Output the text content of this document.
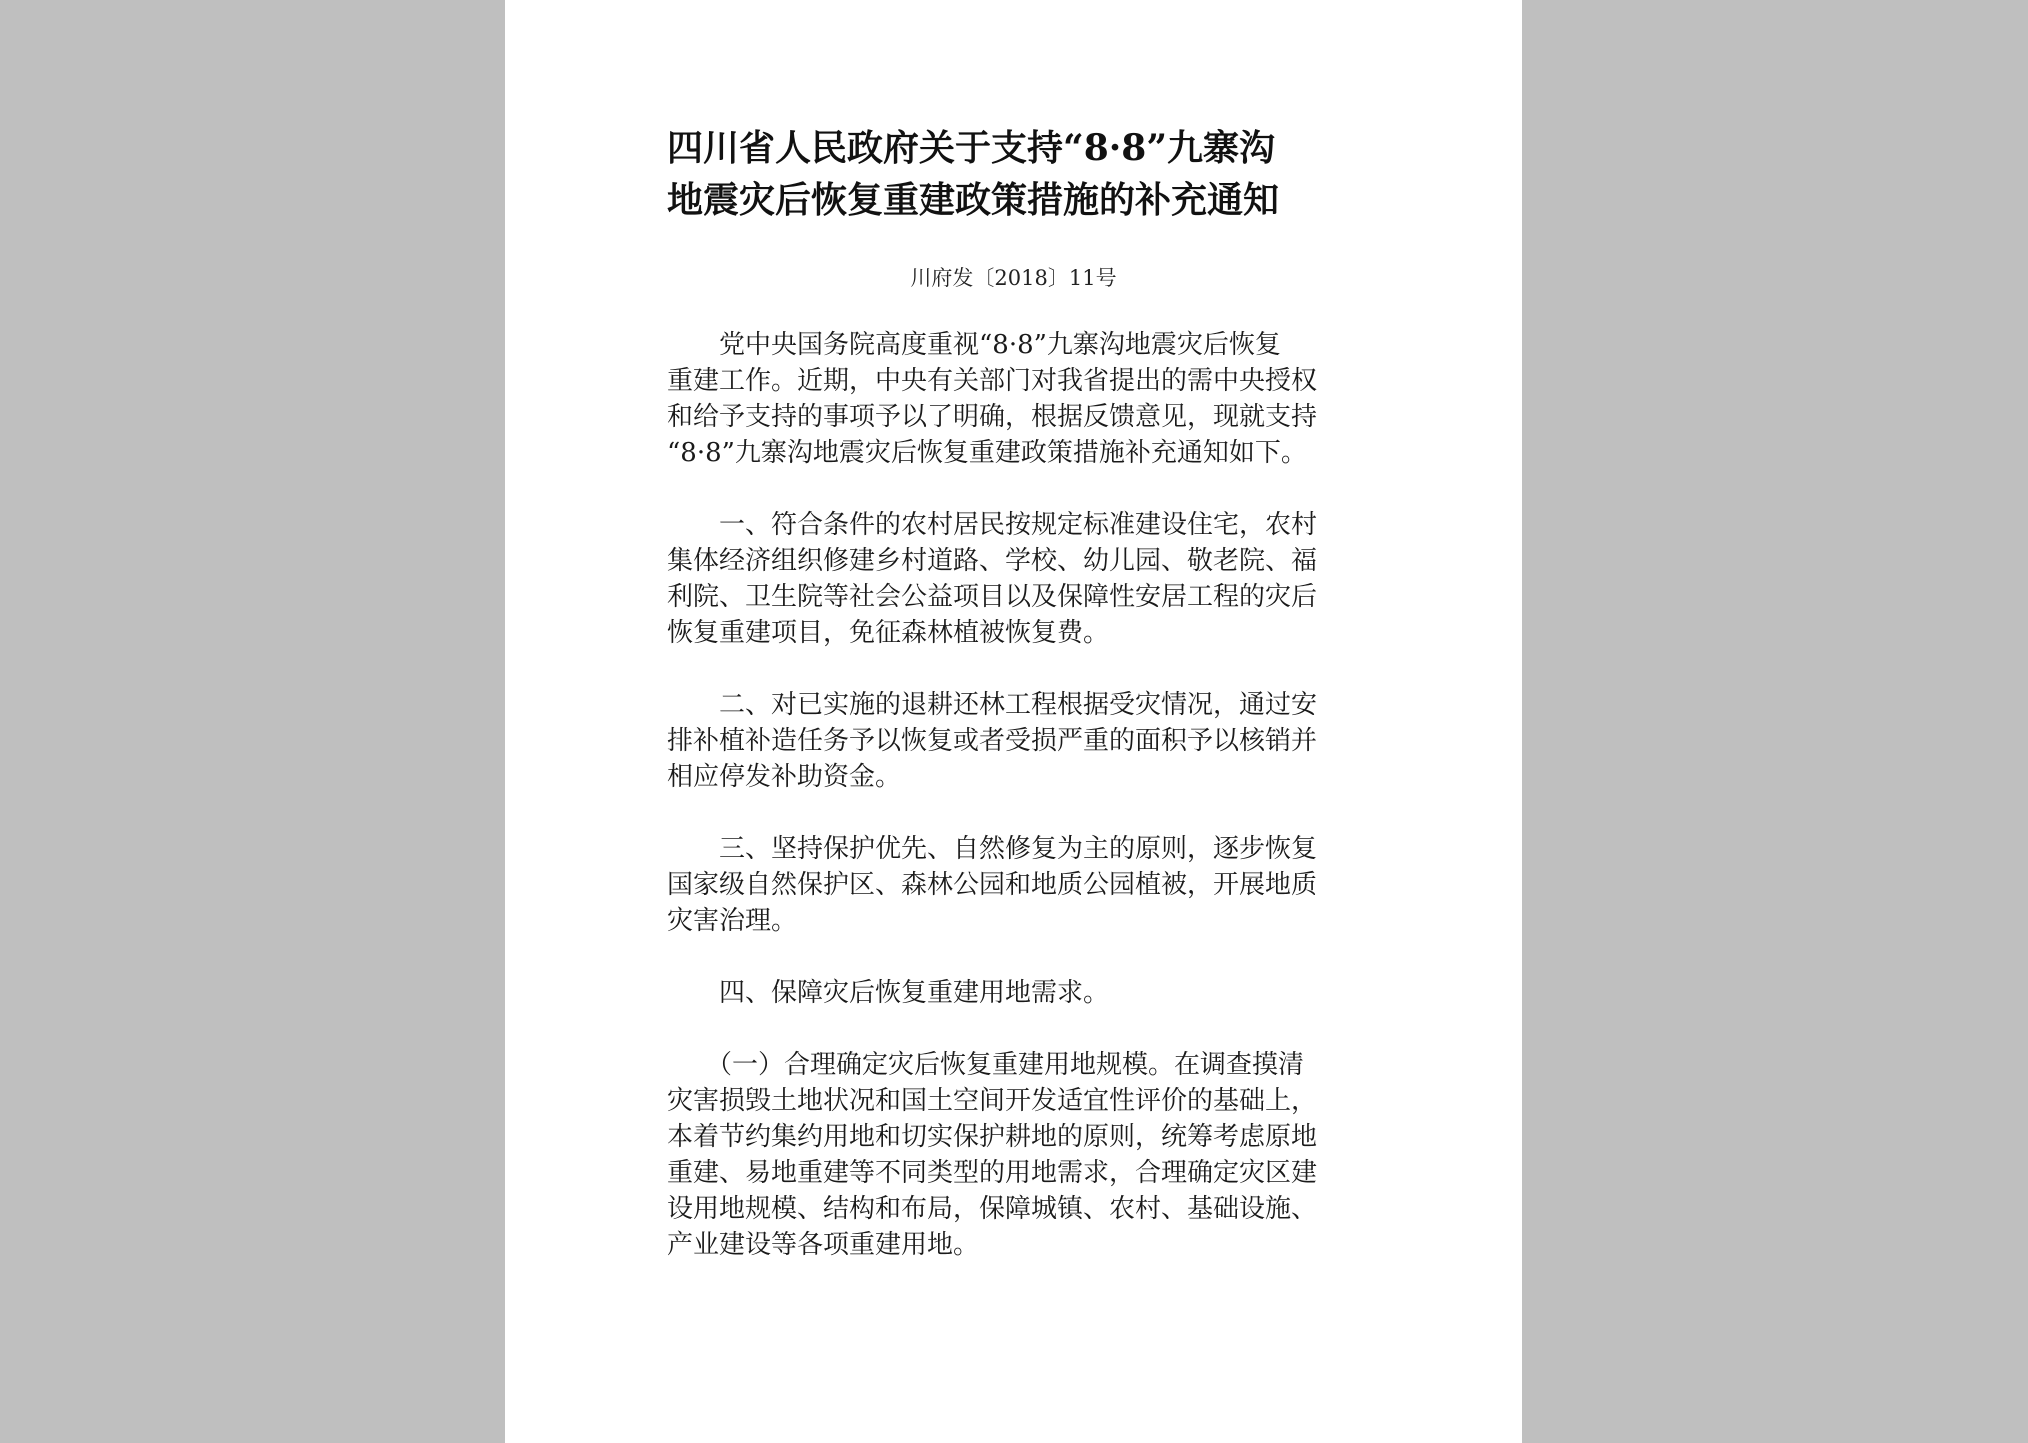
四川省人民政府关于支持“8·8”九寨沟
地震灾后恢复重建政策措施的补充通知
川府发〔2018〕11号
　　党中央国务院高度重视“8·8”九寨沟地震灾后恢复
重建工作。近期，中央有关部门对我省提出的需中央授权
和给予支持的事项予以了明确，根据反馈意见，现就支持
“8·8”九寨沟地震灾后恢复重建政策措施补充通知如下。
　　一、符合条件的农村居民按规定标准建设住宅，农村
集体经济组织修建乡村道路、学校、幼儿园、敬老院、福
利院、卫生院等社会公益项目以及保障性安居工程的灾后
恢复重建项目，免征森林植被恢复费。
　　二、对已实施的退耕还林工程根据受灾情况，通过安
排补植补造任务予以恢复或者受损严重的面积予以核销并
相应停发补助资金。
　　三、坚持保护优先、自然修复为主的原则，逐步恢复
国家级自然保护区、森林公园和地质公园植被，开展地质
灾害治理。
　　四、保障灾后恢复重建用地需求。
　　（一）合理确定灾后恢复重建用地规模。在调查摸清
灾害损毁土地状况和国土空间开发适宜性评价的基础上，
本着节约集约用地和切实保护耕地的原则，统筹考虑原地
重建、易地重建等不同类型的用地需求，合理确定灾区建
设用地规模、结构和布局，保障城镇、农村、基础设施、
产业建设等各项重建用地。
